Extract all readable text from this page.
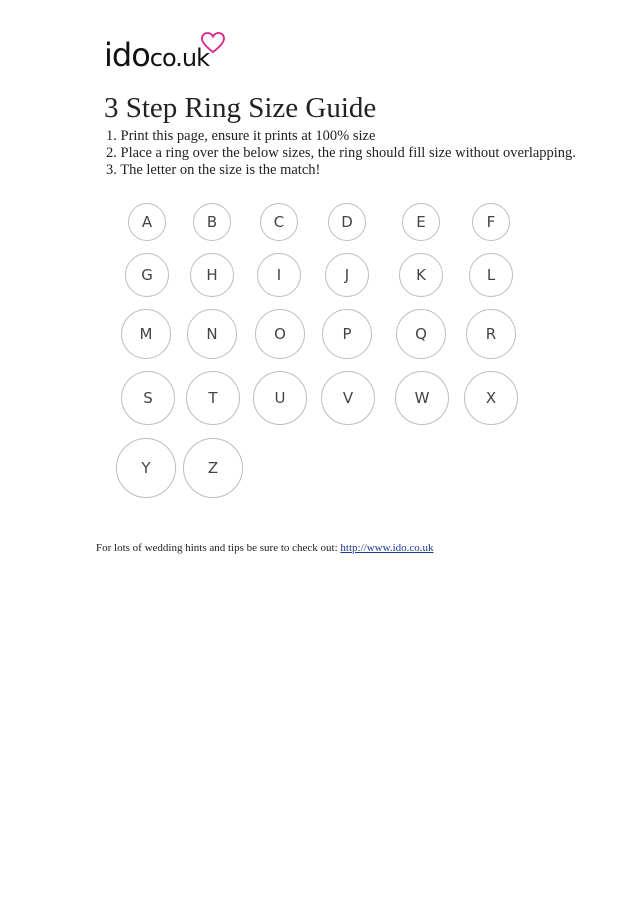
idoco.uk
3 Step Ring Size Guide
1. Print this page, ensure it prints at 100% size
2. Place a ring over the below sizes, the ring should fill size without overlapping.
3. The letter on the size is the match!
A	B	C	D	E	F
G	H	I	J	K	L
M	N	O	P	Q	R
S	T	U	V	W	X
Y	Z
For lots of wedding hints and tips be sure to check out: http://www.ido.co.uk
